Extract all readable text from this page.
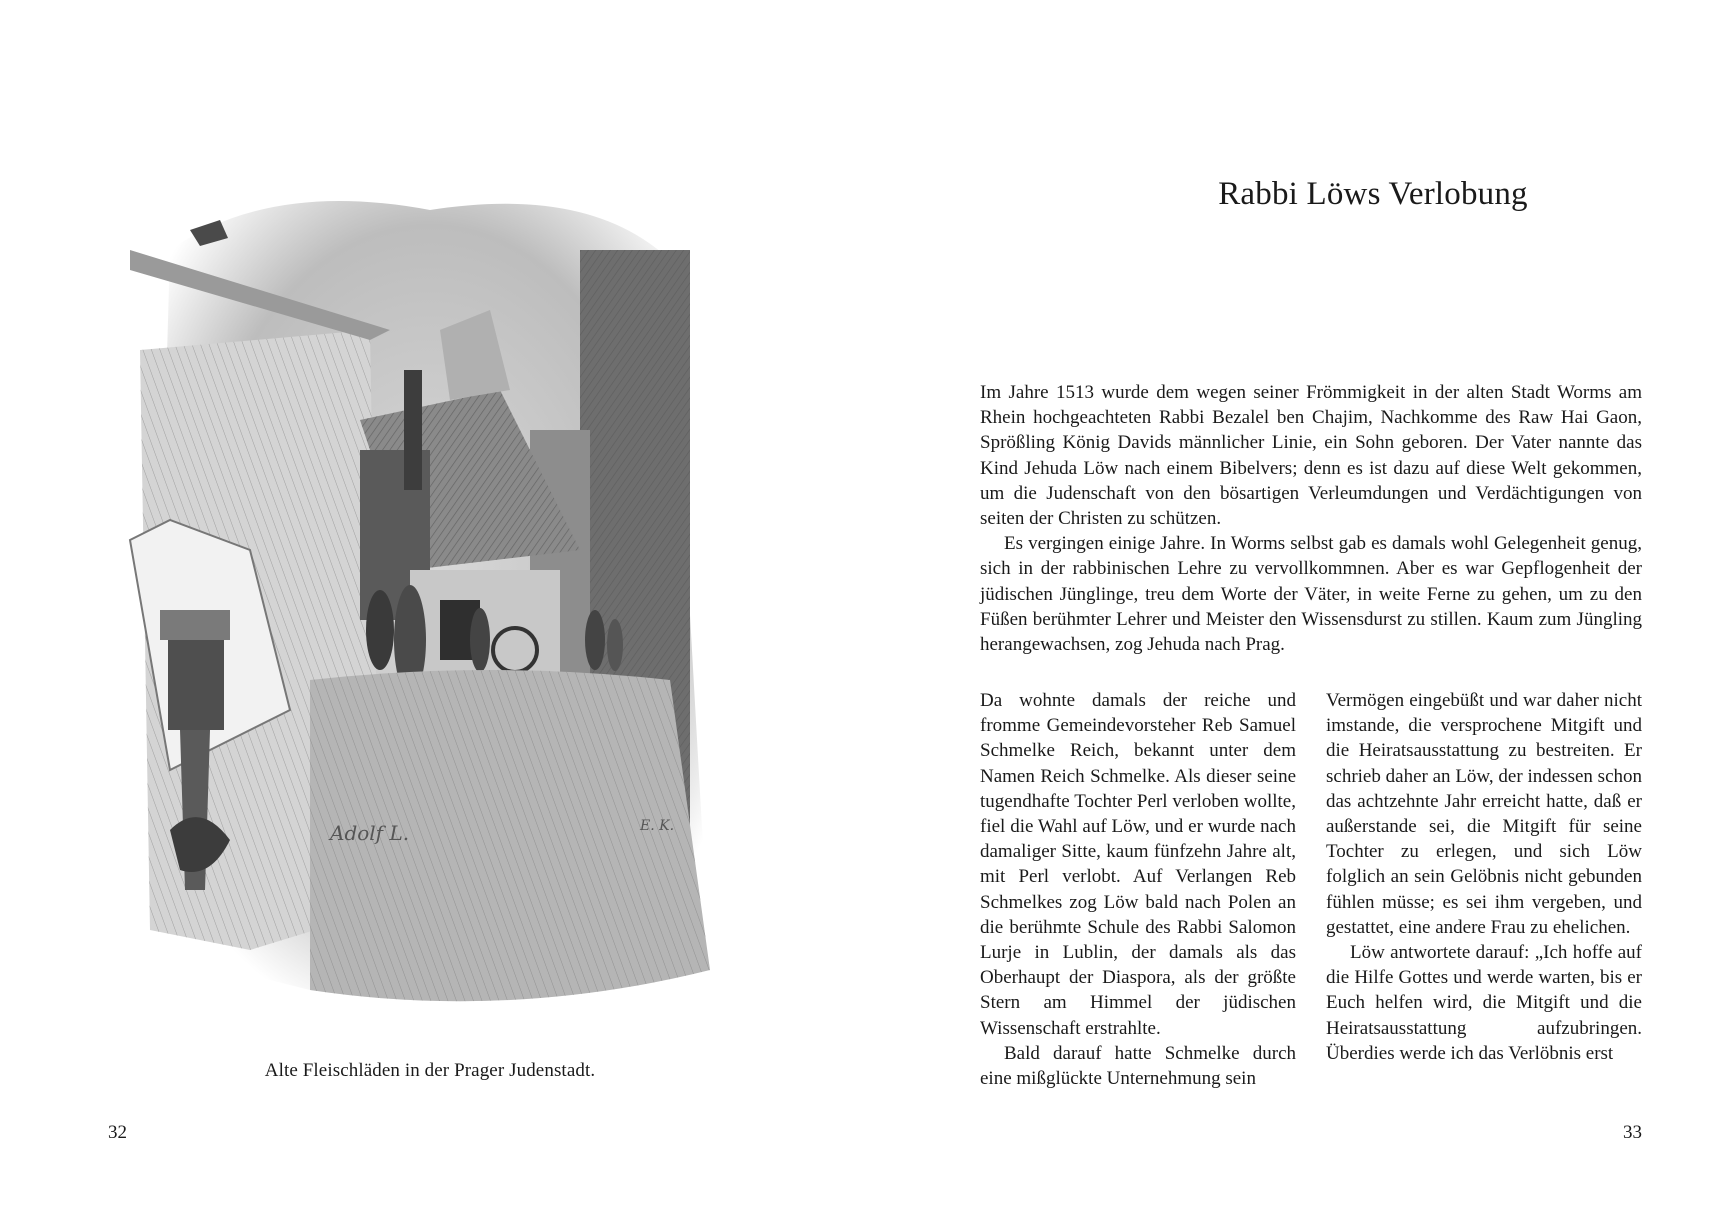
Adolf L.	E. K.
Alte Fleischläden in der Prager Judenstadt.
32
Rabbi Löws Verlobung

Im Jahre 1513 wurde dem wegen seiner Frömmigkeit in der alten Stadt Worms am Rhein hochgeachteten Rabbi Bezalel ben Chajim, Nachkomme des Raw Hai Gaon, Sprößling König Davids männlicher Linie, ein Sohn geboren. Der Vater nannte das Kind Jehuda Löw nach einem Bibelvers; denn es ist dazu auf diese Welt gekommen, um die Judenschaft von den bösartigen Verleumdungen und Verdächtigungen von seiten der Christen zu schützen.

Es vergingen einige Jahre. In Worms selbst gab es damals wohl Gelegenheit genug, sich in der rabbinischen Lehre zu vervollkommnen. Aber es war Gepflogenheit der jüdischen Jünglinge, treu dem Worte der Väter, in weite Ferne zu gehen, um zu den Füßen berühmter Lehrer und Meister den Wissensdurst zu stillen. Kaum zum Jüngling herangewachsen, zog Jehuda nach Prag.

Da wohnte damals der reiche und fromme Gemeindevorsteher Reb Samuel Schmelke Reich, bekannt unter dem Namen Reich Schmelke. Als dieser seine tugendhafte Tochter Perl verloben wollte, fiel die Wahl auf Löw, und er wurde nach damaliger Sitte, kaum fünfzehn Jahre alt, mit Perl verlobt. Auf Verlangen Reb Schmelkes zog Löw bald nach Polen an die berühmte Schule des Rabbi Salomon Lurje in Lublin, der damals als das Oberhaupt der Diaspora, als der größte Stern am Himmel der jüdischen Wissenschaft erstrahlte.

Bald darauf hatte Schmelke durch eine mißglückte Unternehmung sein

Vermögen eingebüßt und war daher nicht imstande, die versprochene Mitgift und die Heiratsausstattung zu bestreiten. Er schrieb daher an Löw, der indessen schon das achtzehnte Jahr erreicht hatte, daß er außerstande sei, die Mitgift für seine Tochter zu erlegen, und sich Löw folglich an sein Gelöbnis nicht gebunden fühlen müsse; es sei ihm vergeben, und gestattet, eine andere Frau zu ehelichen.

Löw antwortete darauf: „Ich hoffe auf die Hilfe Gottes und werde warten, bis er Euch helfen wird, die Mitgift und die Heiratsausstattung aufzubringen. Überdies werde ich das Verlöbnis erst

33
